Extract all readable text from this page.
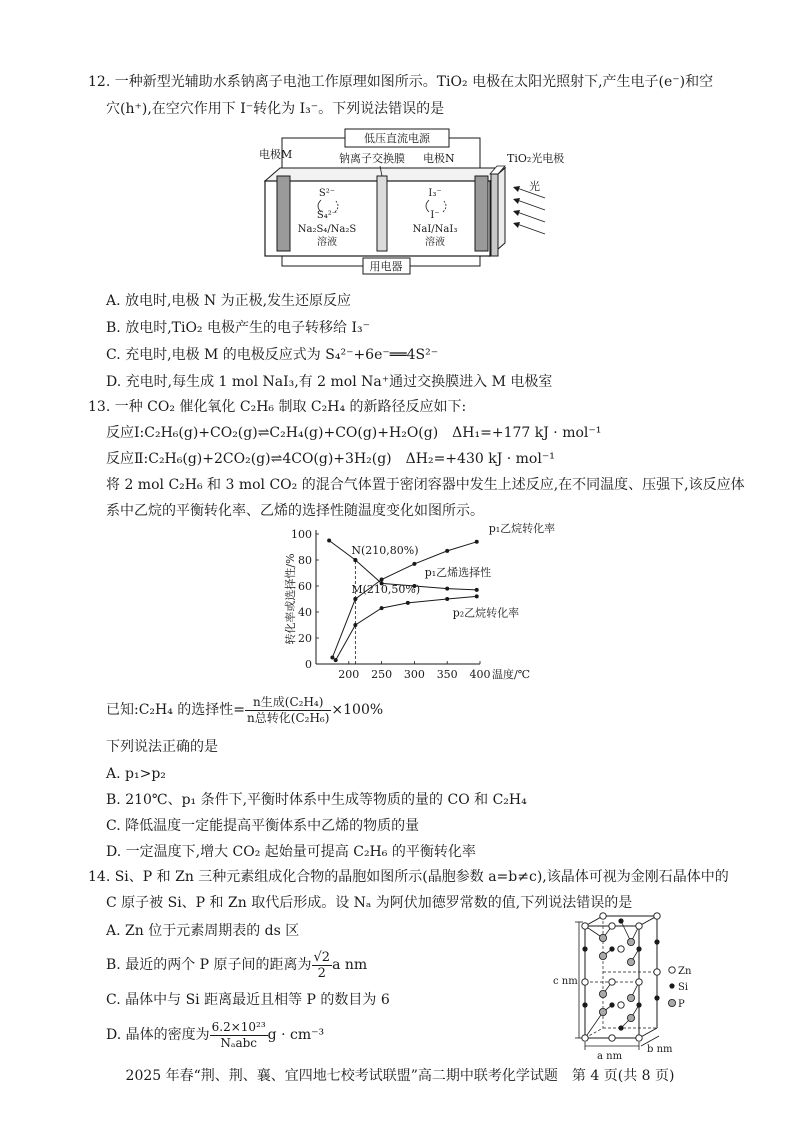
12. 一种新型光辅助水系钠离子电池工作原理如图所示。TiO₂ 电极在太阳光照射下,产生电子(e⁻)和空
穴(h⁺),在空穴作用下 I⁻转化为 I₃⁻。下列说法错误的是
低压直流电源
电极M	钠离子交换膜 电极N	TiO₂光电极
S²⁻
S₄²⁻
Na₂S₄/Na₂S
溶液
I₃⁻
I⁻
NaI/NaI₃
溶液
光
用电器
A. 放电时,电极 N 为正极,发生还原反应
B. 放电时,TiO₂ 电极产生的电子转移给 I₃⁻
C. 充电时,电极 M 的电极反应式为 S₄²⁻+6e⁻══4S²⁻
D. 充电时,每生成 1 mol NaI₃,有 2 mol Na⁺通过交换膜进入 M 电极室
13. 一种 CO₂ 催化氧化 C₂H₆ 制取 C₂H₄ 的新路径反应如下:
反应Ⅰ:C₂H₆(g)+CO₂(g)⇌C₂H₄(g)+CO(g)+H₂O(g)　ΔH₁=+177 kJ · mol⁻¹
反应Ⅱ:C₂H₆(g)+2CO₂(g)⇌4CO(g)+3H₂(g)　ΔH₂=+430 kJ · mol⁻¹
将 2 mol C₂H₆ 和 3 mol CO₂ 的混合气体置于密闭容器中发生上述反应,在不同温度、压强下,该反应体
系中乙烷的平衡转化率、乙烯的选择性随温度变化如图所示。
0
20
40
60
80
100
200 250 300 350 400 温度/℃
转化率或选择性/%
p₁乙烷转化率
p₁乙烯选择性
p₂乙烷转化率
N(210,80%)
M(210,50%)
已知:C₂H₄ 的选择性= $\frac{\text{n生成(C₂H₄)}}{\text{n总转化(C₂H₆)}} \times 100\%$
下列说法正确的是
A. p₁>p₂
B. 210℃、p₁ 条件下,平衡时体系中生成等物质的量的 CO 和 C₂H₄
C. 降低温度一定能提高平衡体系中乙烯的物质的量
D. 一定温度下,增大 CO₂ 起始量可提高 C₂H₆ 的平衡转化率
14. Si、P 和 Zn 三种元素组成化合物的晶胞如图所示(晶胞参数 a=b≠c),该晶体可视为金刚石晶体中的
C 原子被 Si、P 和 Zn 取代后形成。设 Nₐ 为阿伏加德罗常数的值,下列说法错误的是
A. Zn 位于元素周期表的 ds 区
B. 最近的两个 P 原子间的距离为 $\frac{√2}{2}$ a nm
C. 晶体中与 Si 距离最近且相等 P 的数目为 6
D. 晶体的密度为 $\frac{\text{6.2×10²³}}{\text{Nₐabc}}$ g · cm⁻³
c nm
Zn
Si
P
a nm
b nm
2025 年春“荆、荆、襄、宜四地七校考试联盟”高二期中联考化学试题　第 4 页(共 8 页)
